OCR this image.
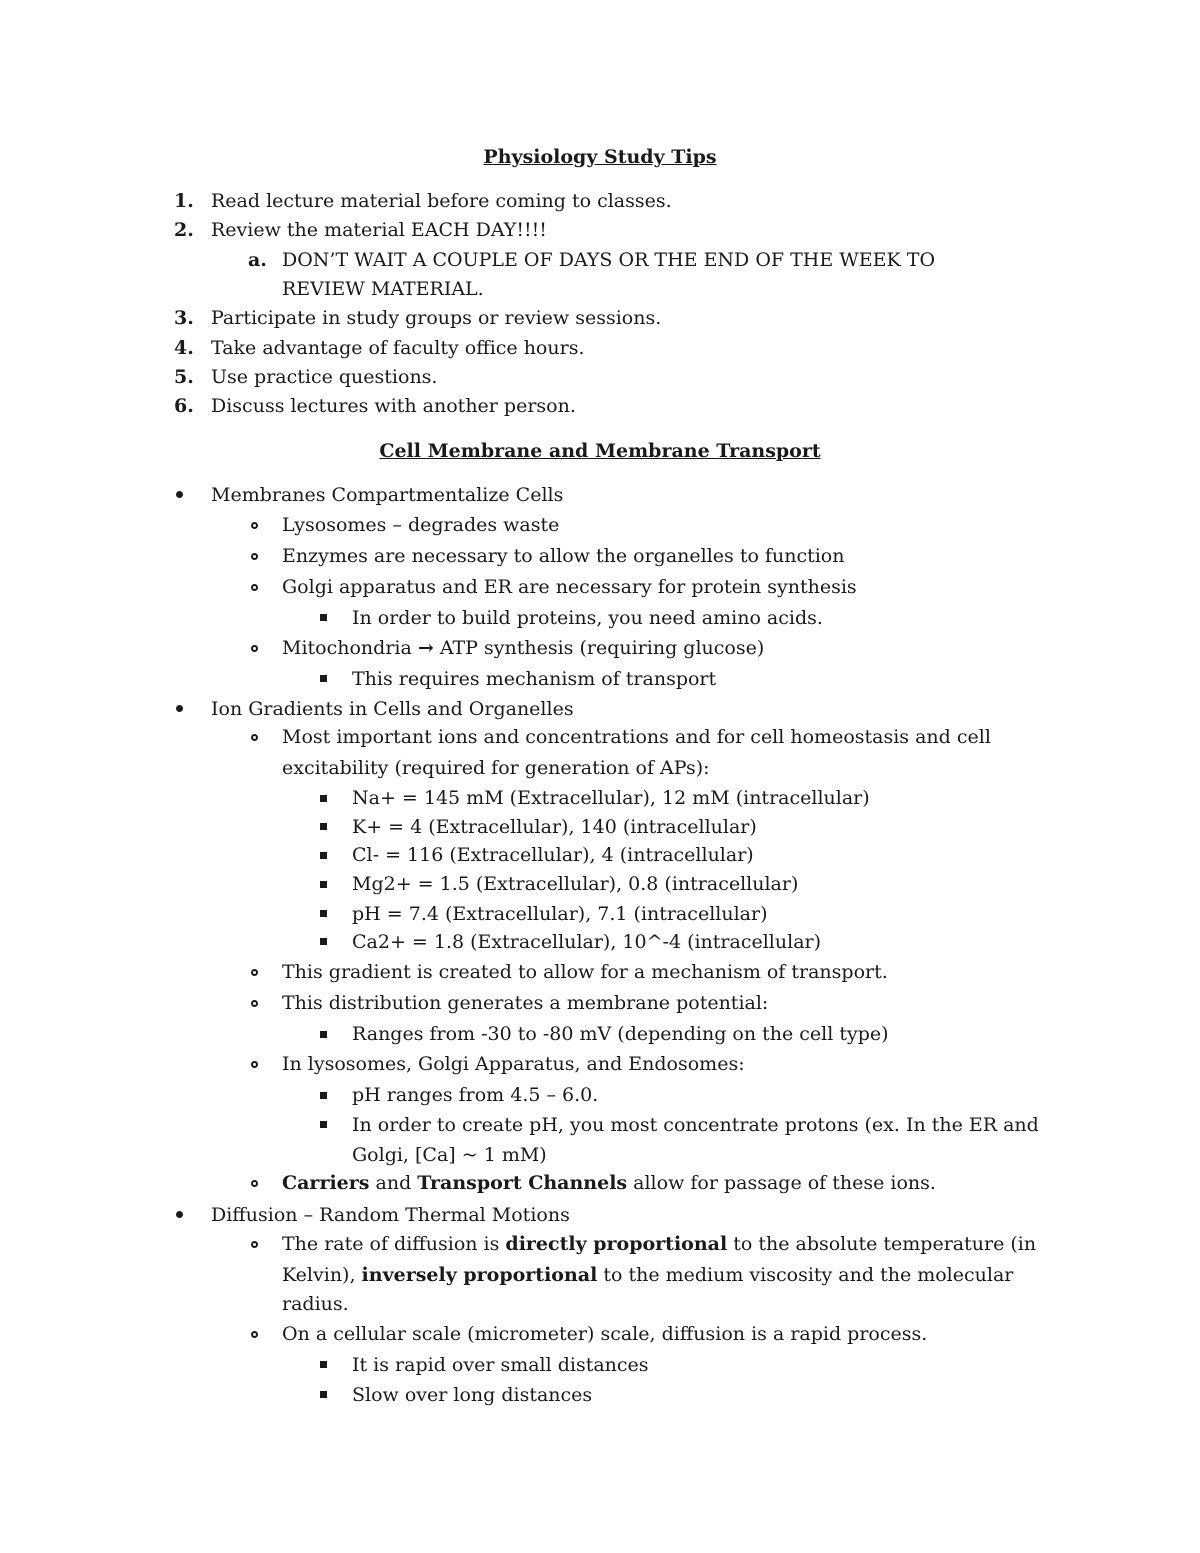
Physiology Study Tips
1. Read lecture material before coming to classes.
2. Review the material EACH DAY!!!!
a. DON’T WAIT A COUPLE OF DAYS OR THE END OF THE WEEK TO
REVIEW MATERIAL.
3. Participate in study groups or review sessions.
4. Take advantage of faculty office hours.
5. Use practice questions.
6. Discuss lectures with another person.
Cell Membrane and Membrane Transport
Membranes Compartmentalize Cells
Lysosomes – degrades waste
Enzymes are necessary to allow the organelles to function
Golgi apparatus and ER are necessary for protein synthesis
In order to build proteins, you need amino acids.
Mitochondria → ATP synthesis (requiring glucose)
This requires mechanism of transport
Ion Gradients in Cells and Organelles
Most important ions and concentrations and for cell homeostasis and cell
excitability (required for generation of APs):
Na+ = 145 mM (Extracellular), 12 mM (intracellular)
K+ = 4 (Extracellular), 140 (intracellular)
Cl- = 116 (Extracellular), 4 (intracellular)
Mg2+ = 1.5 (Extracellular), 0.8 (intracellular)
pH = 7.4 (Extracellular), 7.1 (intracellular)
Ca2+ = 1.8 (Extracellular), 10^-4 (intracellular)
This gradient is created to allow for a mechanism of transport.
This distribution generates a membrane potential:
Ranges from -30 to -80 mV (depending on the cell type)
In lysosomes, Golgi Apparatus, and Endosomes:
pH ranges from 4.5 – 6.0.
In order to create pH, you most concentrate protons (ex. In the ER and
Golgi, [Ca] ~ 1 mM)
Carriers and Transport Channels allow for passage of these ions.
Diffusion – Random Thermal Motions
The rate of diffusion is directly proportional to the absolute temperature (in
Kelvin), inversely proportional to the medium viscosity and the molecular
radius.
On a cellular scale (micrometer) scale, diffusion is a rapid process.
It is rapid over small distances
Slow over long distances
